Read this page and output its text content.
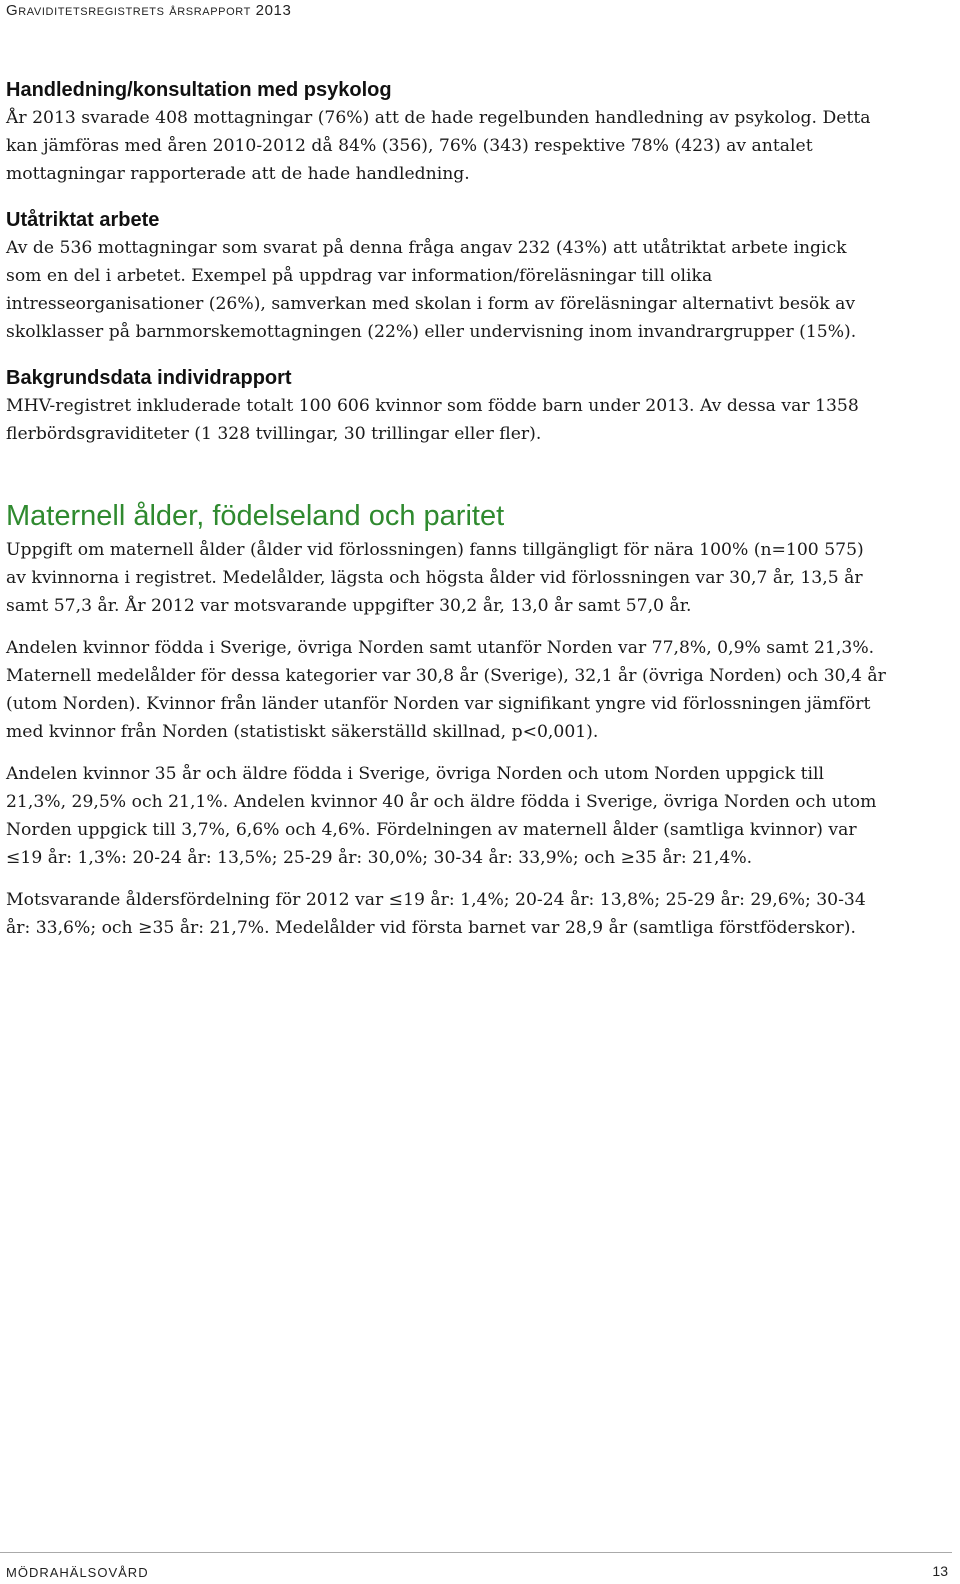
Graviditetsregistrets årsrapport 2013
Handledning/konsultation med psykolog

År 2013 svarade 408 mottagningar (76%) att de hade regelbunden handledning av psykolog. Detta kan jämföras med åren 2010-2012 då 84% (356), 76% (343) respektive 78% (423) av antalet mottagningar rapporterade att de hade handledning.

Utåtriktat arbete

Av de 536 mottagningar som svarat på denna fråga angav 232 (43%) att utåtriktat arbete ingick som en del i arbetet. Exempel på uppdrag var information/föreläsningar till olika intresseorganisationer (26%), samverkan med skolan i form av föreläsningar alternativt besök av skolklasser på barnmorskemottagningen (22%) eller undervisning inom invandrargrupper (15%).

Bakgrundsdata individrapport

MHV-registret inkluderade totalt 100 606 kvinnor som födde barn under 2013. Av dessa var 1358 flerbördsgraviditeter (1 328 tvillingar, 30 trillingar eller fler).

Maternell ålder, födelseland och paritet

Uppgift om maternell ålder (ålder vid förlossningen) fanns tillgängligt för nära 100% (n=100 575) av kvinnorna i registret. Medelålder, lägsta och högsta ålder vid förlossningen var 30,7 år, 13,5 år samt 57,3 år. År 2012 var motsvarande uppgifter 30,2 år, 13,0 år samt 57,0 år.

Andelen kvinnor födda i Sverige, övriga Norden samt utanför Norden var 77,8%, 0,9% samt 21,3%. Maternell medelålder för dessa kategorier var 30,8 år (Sverige), 32,1 år (övriga Norden) och 30,4 år (utom Norden). Kvinnor från länder utanför Norden var signifikant yngre vid förlossningen jämfört med kvinnor från Norden (statistiskt säkerställd skillnad, p<0,001).

Andelen kvinnor 35 år och äldre födda i Sverige, övriga Norden och utom Norden uppgick till 21,3%, 29,5% och 21,1%. Andelen kvinnor 40 år och äldre födda i Sverige, övriga Norden och utom Norden uppgick till 3,7%, 6,6% och 4,6%. Fördelningen av maternell ålder (samtliga kvinnor) var ≤19 år: 1,3%: 20-24 år: 13,5%; 25-29 år: 30,0%; 30-34 år: 33,9%; och ≥35 år: 21,4%.

Motsvarande åldersfördelning för 2012 var ≤19 år: 1,4%; 20-24 år: 13,8%; 25-29 år: 29,6%; 30-34 år: 33,6%; och ≥35 år: 21,7%. Medelålder vid första barnet var 28,9 år (samtliga förstföderskor).

MÖDRAHÄLSOVÅRD	13
